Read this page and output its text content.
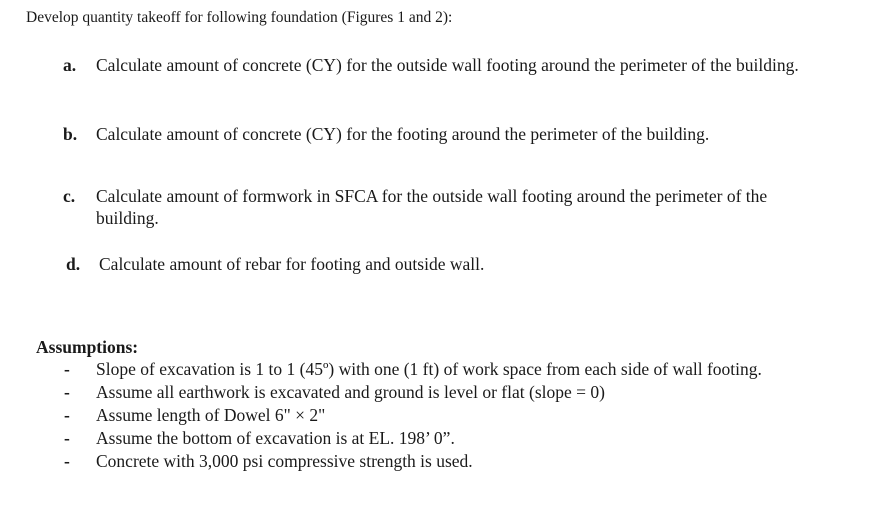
Develop quantity takeoff for following foundation (Figures 1 and 2):
a. Calculate amount of concrete (CY) for the outside wall footing around the perimeter of the building.
b. Calculate amount of concrete (CY) for the footing around the perimeter of the building.
c. Calculate amount of formwork in SFCA for the outside wall footing around the perimeter of the building.
d. Calculate amount of rebar for footing and outside wall.
Assumptions:
- Slope of excavation is 1 to 1 (45º) with one (1 ft) of work space from each side of wall footing.
- Assume all earthwork is excavated and ground is level or flat (slope = 0)
- Assume length of Dowel 6" × 2"
- Assume the bottom of excavation is at EL. 198’ 0”.
- Concrete with 3,000 psi compressive strength is used.
